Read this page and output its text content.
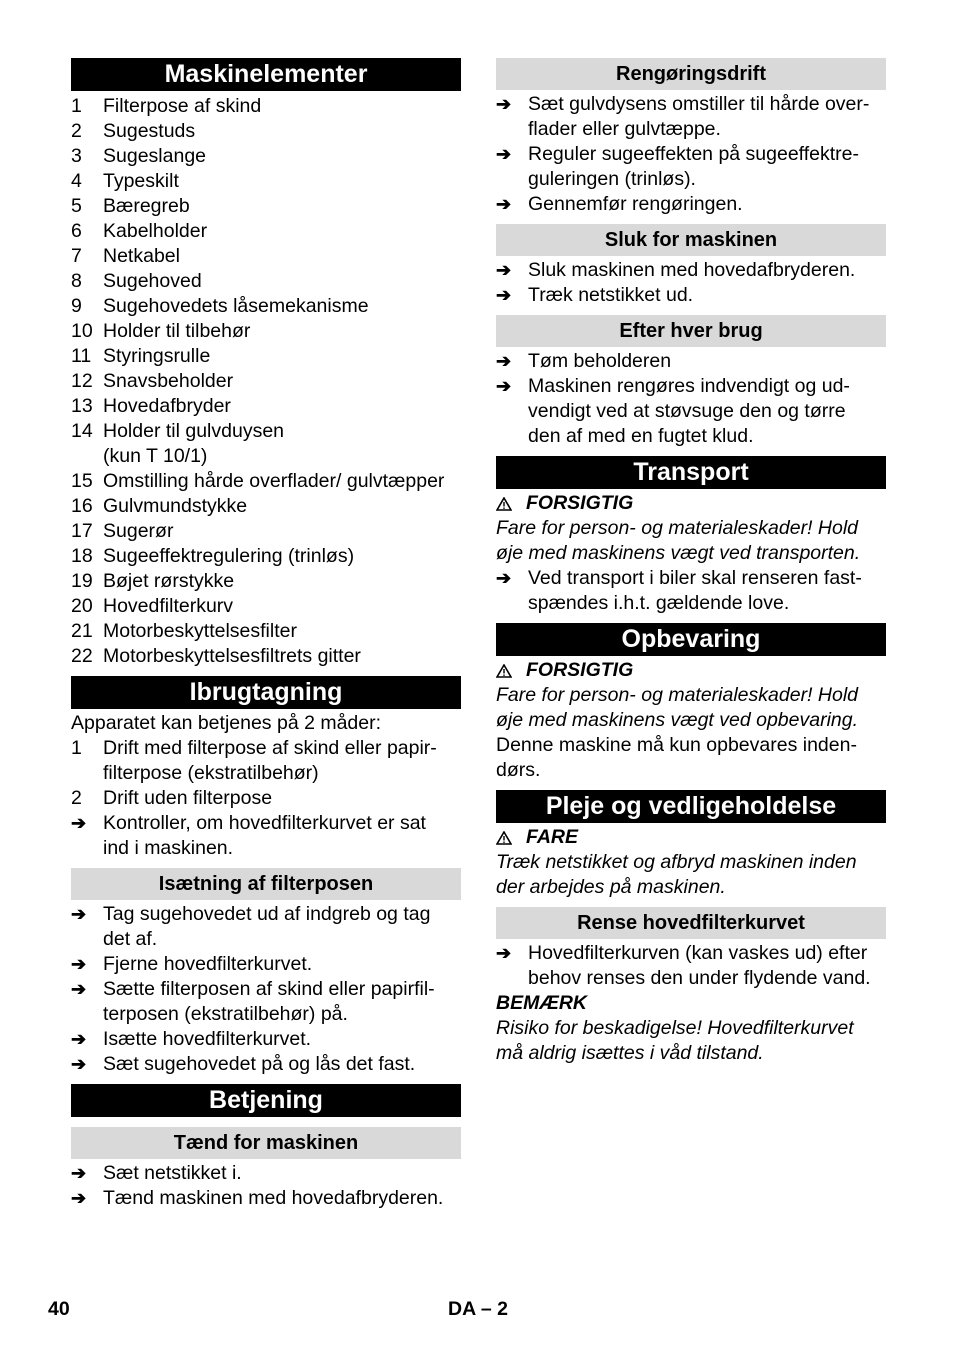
Maskinelementer
1	Filterpose af skind
2	Sugestuds
3	Sugeslange
4	Typeskilt
5	Bæregreb
6	Kabelholder
7	Netkabel
8	Sugehoved
9	Sugehovedets låsemekanisme
10 Holder til tilbehør
11 Styringsrulle
12 Snavsbeholder
13 Hovedafbryder
14 Holder til gulvduysen
(kun T 10/1)
15 Omstilling hårde overflader/ gulvtæpper
16 Gulvmundstykke
17 Sugerør
18 Sugeeffektregulering (trinløs)
19 Bøjet rørstykke
20 Hovedfilterkurv
21 Motorbeskyttelsesfilter
22 Motorbeskyttelsesfiltrets gitter
Ibrugtagning
Apparatet kan betjenes på 2 måder:
1	Drift med filterpose af skind eller papir-
filterpose (ekstratilbehør)
2	Drift uden filterpose
➔ Kontroller, om hovedfilterkurvet er sat
ind i maskinen.
Isætning af filterposen
➔ Tag sugehovedet ud af indgreb og tag
det af.
➔ Fjerne hovedfilterkurvet.
➔ Sætte filterposen af skind eller papirfil-
terposen (ekstratilbehør) på.
➔ Isætte hovedfilterkurvet.
➔ Sæt sugehovedet på og lås det fast.
Betjening
Tænd for maskinen
➔ Sæt netstikket i.
➔ Tænd maskinen med hovedafbryderen.
Rengøringsdrift
➔ Sæt gulvdysens omstiller til hårde over-
flader eller gulvtæppe.
➔ Reguler sugeeffekten på sugeeffektre-
guleringen (trinløs).
➔ Gennemfør rengøringen.
Sluk for maskinen
➔ Sluk maskinen med hovedafbryderen.
➔ Træk netstikket ud.
Efter hver brug
➔ Tøm beholderen
➔ Maskinen rengøres indvendigt og ud-
vendigt ved at støvsuge den og tørre
den af med en fugtet klud.
Transport
FORSIGTIG
Fare for person- og materialeskader! Hold
øje med maskinens vægt ved transporten.
➔ Ved transport i biler skal renseren fast-
spændes i.h.t. gældende love.
Opbevaring
FORSIGTIG
Fare for person- og materialeskader! Hold
øje med maskinens vægt ved opbevaring.
Denne maskine må kun opbevares inden-
dørs.
Pleje og vedligeholdelse
FARE
Træk netstikket og afbryd maskinen inden
der arbejdes på maskinen.
Rense hovedfilterkurvet
➔ Hovedfilterkurven (kan vaskes ud) efter
behov renses den under flydende vand.
BEMÆRK
Risiko for beskadigelse! Hovedfilterkurvet
må aldrig isættes i våd tilstand.
40	DA – 2
